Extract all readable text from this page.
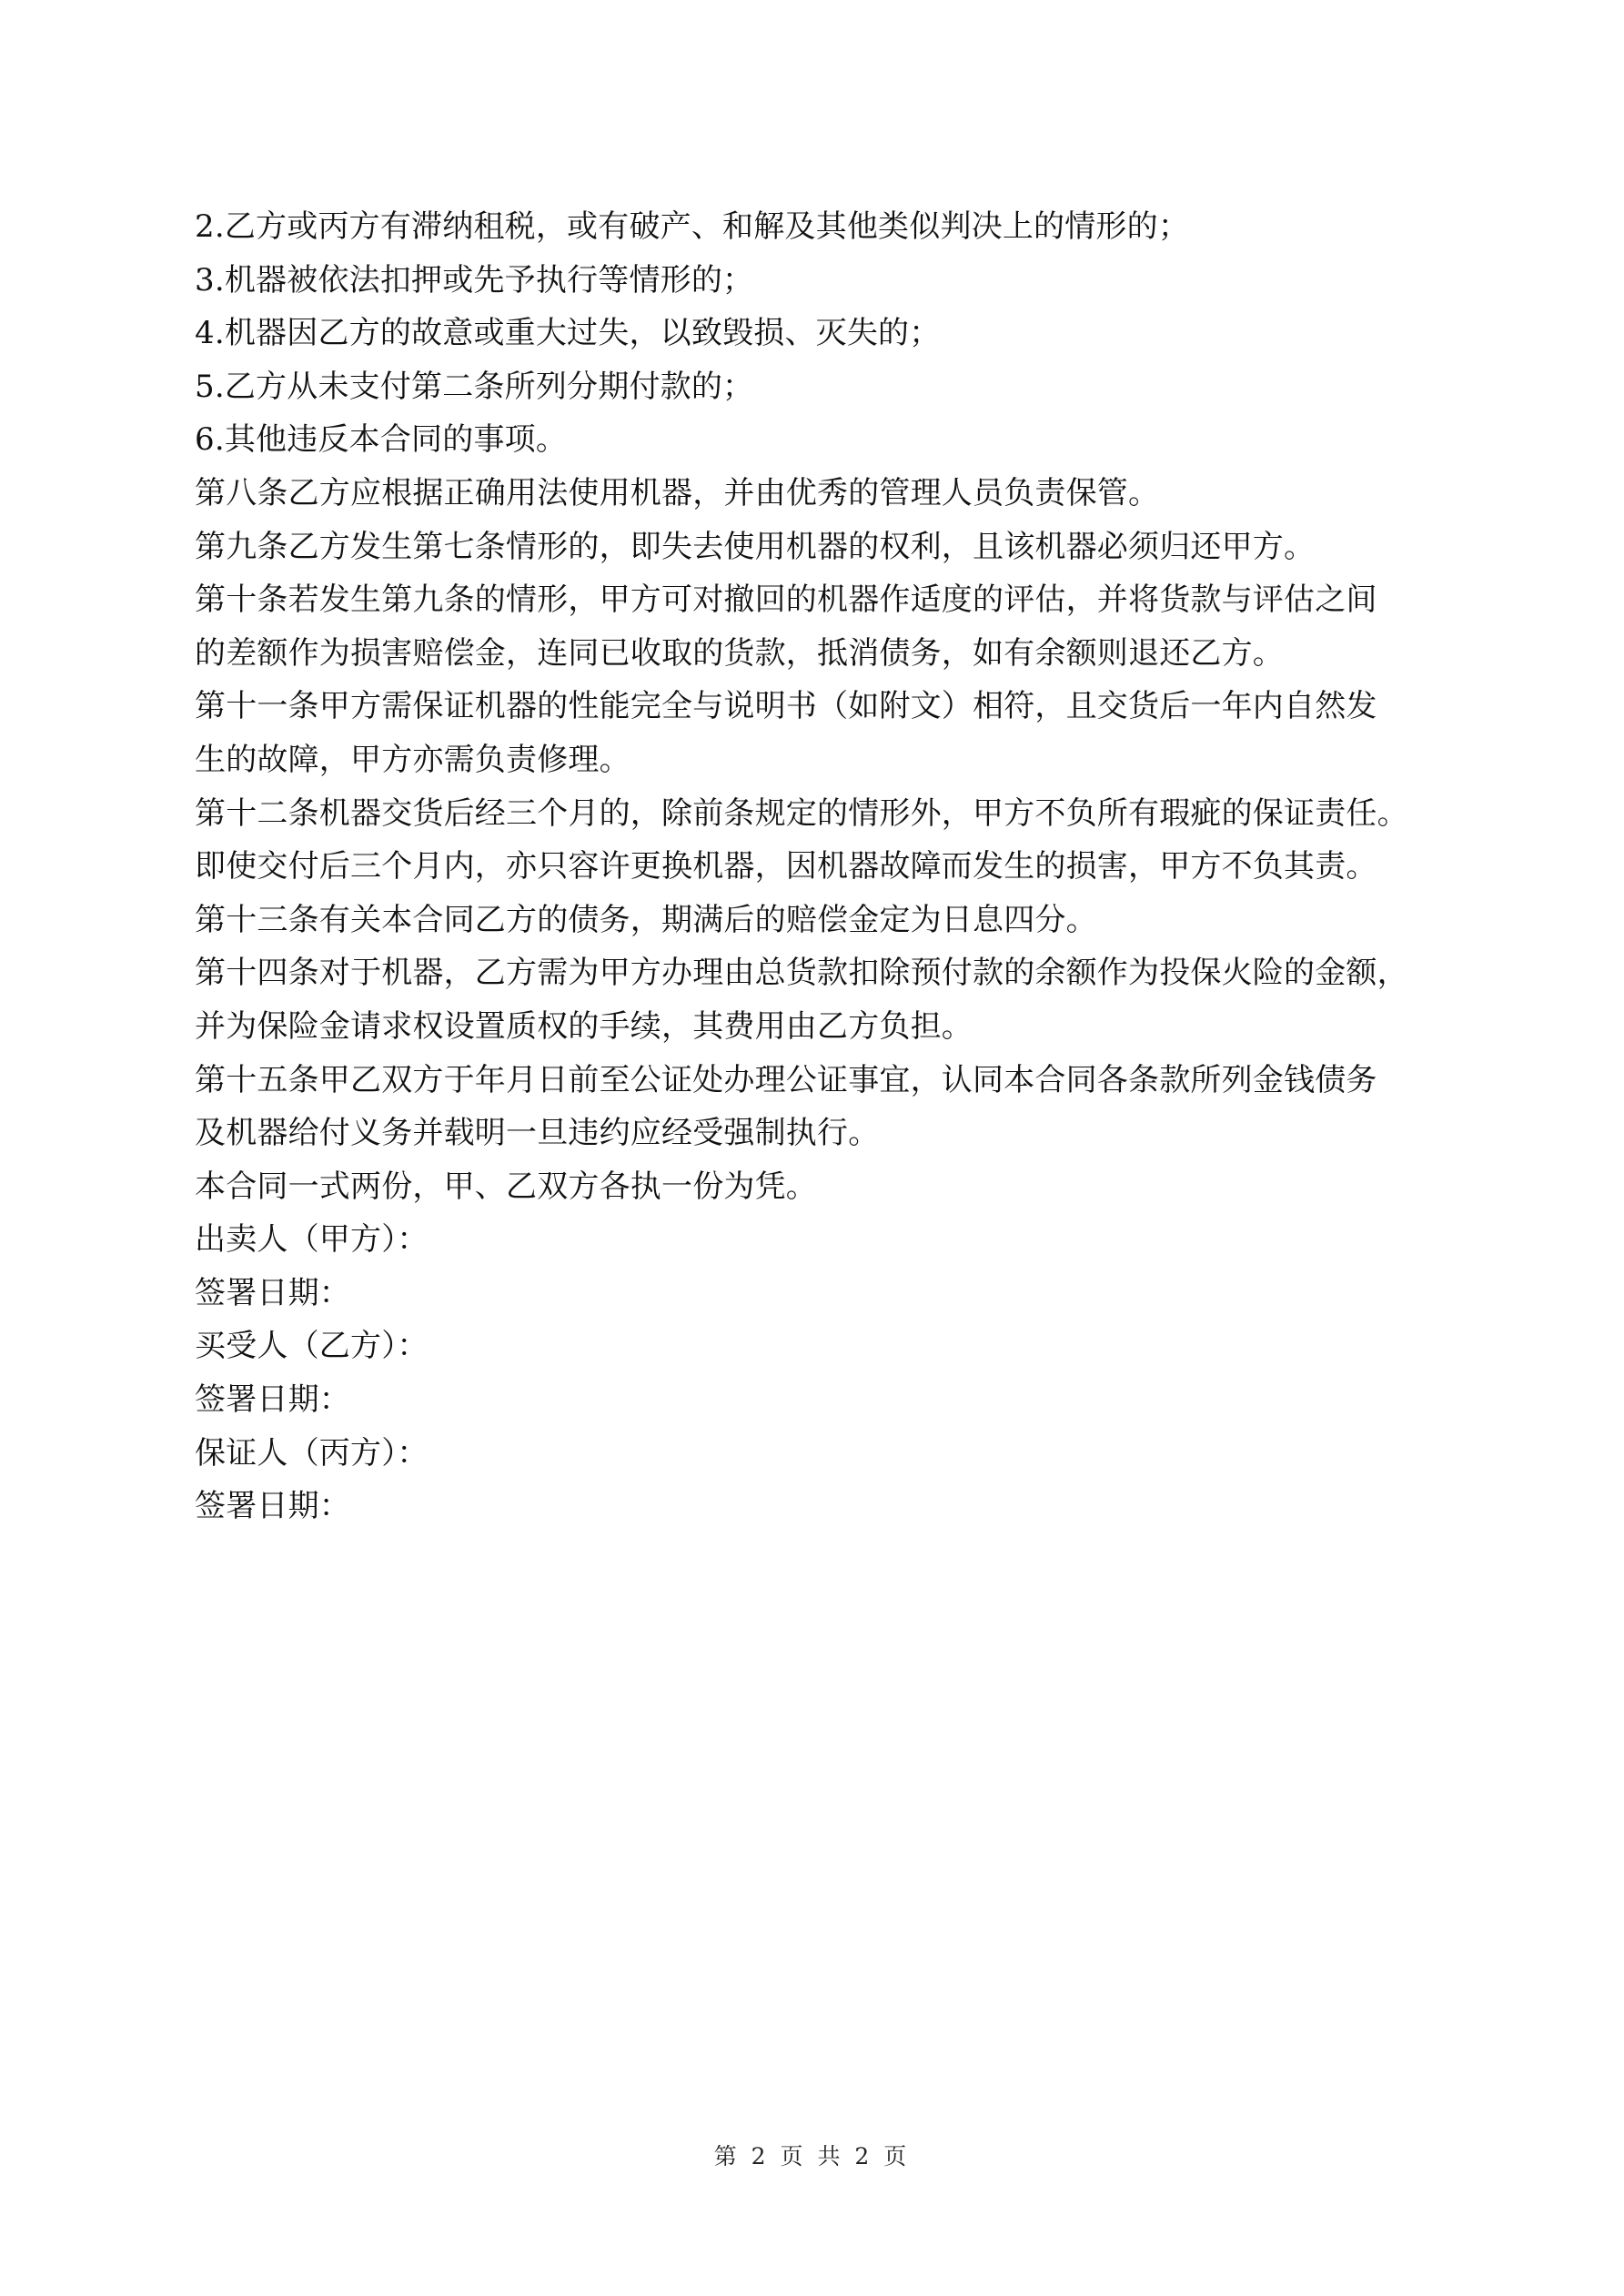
2.乙方或丙方有滞纳租税，或有破产、和解及其他类似判决上的情形的；
3.机器被依法扣押或先予执行等情形的；
4.机器因乙方的故意或重大过失，以致毁损、灭失的；
5.乙方从未支付第二条所列分期付款的；
6.其他违反本合同的事项。
第八条乙方应根据正确用法使用机器，并由优秀的管理人员负责保管。
第九条乙方发生第七条情形的，即失去使用机器的权利，且该机器必须归还甲方。
第十条若发生第九条的情形，甲方可对撤回的机器作适度的评估，并将货款与评估之间
的差额作为损害赔偿金，连同已收取的货款，抵消债务，如有余额则退还乙方。
第十一条甲方需保证机器的性能完全与说明书（如附文）相符，且交货后一年内自然发
生的故障，甲方亦需负责修理。
第十二条机器交货后经三个月的，除前条规定的情形外，甲方不负所有瑕疵的保证责任。
即使交付后三个月内，亦只容许更换机器，因机器故障而发生的损害，甲方不负其责。
第十三条有关本合同乙方的债务，期满后的赔偿金定为日息四分。
第十四条对于机器，乙方需为甲方办理由总货款扣除预付款的余额作为投保火险的金额，
并为保险金请求权设置质权的手续，其费用由乙方负担。
第十五条甲乙双方于年月日前至公证处办理公证事宜，认同本合同各条款所列金钱债务
及机器给付义务并载明一旦违约应经受强制执行。
本合同一式两份，甲、乙双方各执一份为凭。
出卖人（甲方）：
签署日期：
买受人（乙方）：
签署日期：
保证人（丙方）：
签署日期：
第 2 页 共 2 页
